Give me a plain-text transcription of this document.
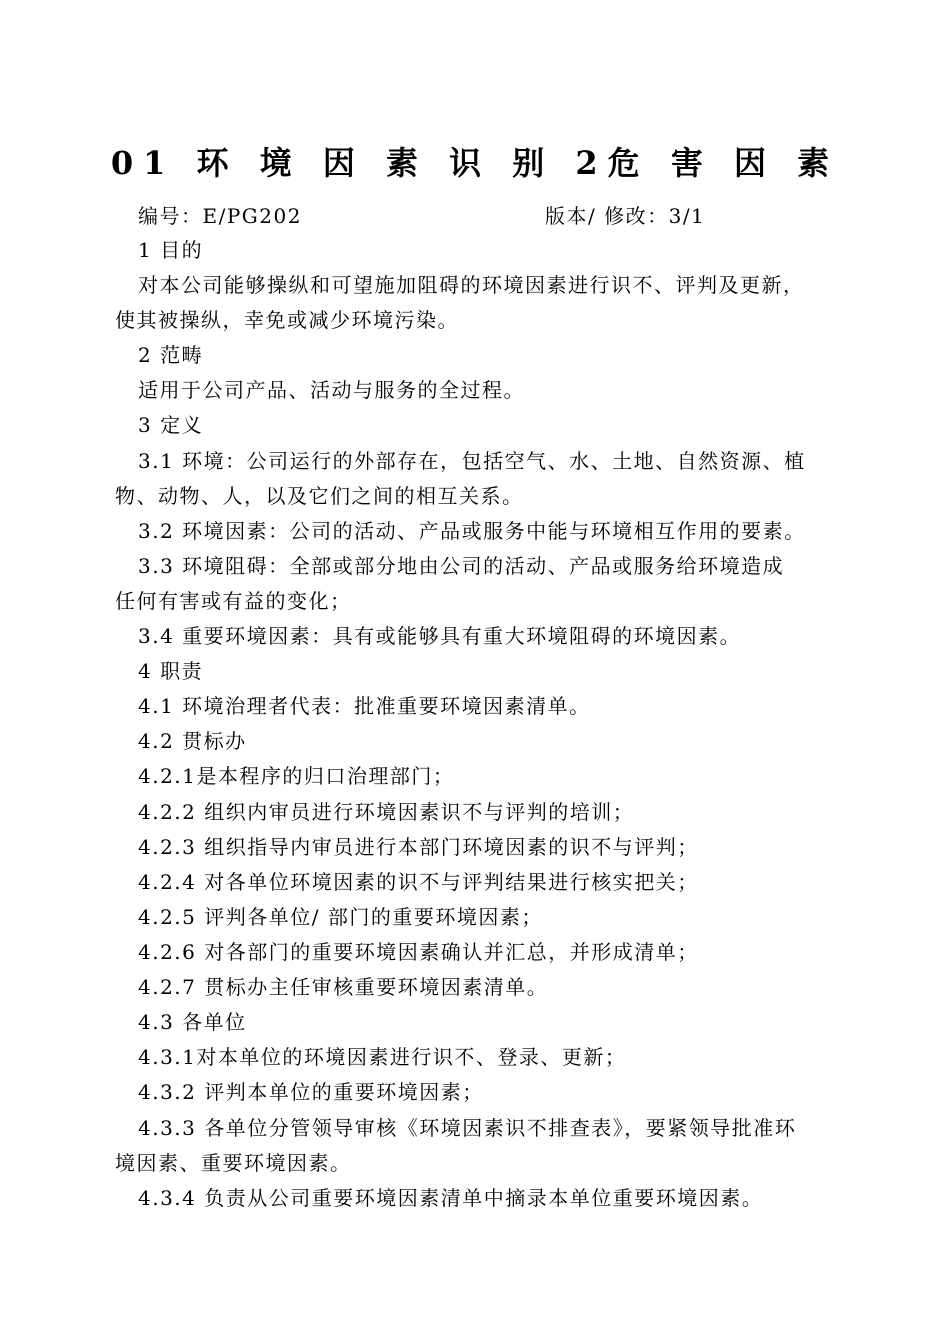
01 环 境 因 素 识 别 2危 害 因 素
编号：E/PG202	版本/ 修改：3/1
1 目的
对本公司能够操纵和可望施加阻碍的环境因素进行识不、评判及更新，
使其被操纵，幸免或减少环境污染。
2 范畴
适用于公司产品、活动与服务的全过程。
3 定义
3.1 环境：公司运行的外部存在，包括空气、水、土地、自然资源、植
物、动物、人，以及它们之间的相互关系。
3.2 环境因素：公司的活动、产品或服务中能与环境相互作用的要素。
3.3 环境阻碍：全部或部分地由公司的活动、产品或服务给环境造成
任何有害或有益的变化；
3.4 重要环境因素：具有或能够具有重大环境阻碍的环境因素。
4 职责
4.1 环境治理者代表：批准重要环境因素清单。
4.2 贯标办
4.2.1是本程序的归口治理部门；
4.2.2 组织内审员进行环境因素识不与评判的培训；
4.2.3 组织指导内审员进行本部门环境因素的识不与评判；
4.2.4 对各单位环境因素的识不与评判结果进行核实把关；
4.2.5 评判各单位/ 部门的重要环境因素；
4.2.6 对各部门的重要环境因素确认并汇总，并形成清单；
4.2.7 贯标办主任审核重要环境因素清单。
4.3 各单位
4.3.1对本单位的环境因素进行识不、登录、更新；
4.3.2 评判本单位的重要环境因素；
4.3.3 各单位分管领导审核《环境因素识不排查表》，要紧领导批准环
境因素、重要环境因素。
4.3.4 负责从公司重要环境因素清单中摘录本单位重要环境因素。
